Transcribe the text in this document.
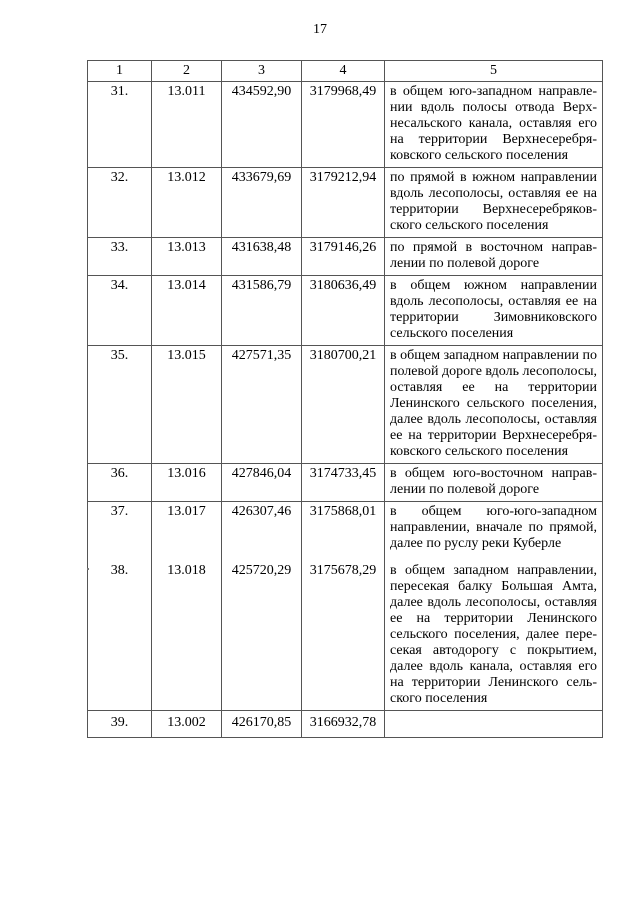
17
1	2	3	4	5
31.	13.011	434592,90	3179968,49	в общем юго-западном направлении вдоль полосы отвода Верхнесальского канала, оставляя его на территории Верхнесеребряковского сельского поселения
32.	13.012	433679,69	3179212,94	по прямой в южном направлении вдоль лесополосы, оставляя ее на территории Верхнесеребряковского сельского поселения
33.	13.013	431638,48	3179146,26	по прямой в восточном направлении по полевой дороге
34.	13.014	431586,79	3180636,49	в общем южном направлении вдоль лесополосы, оставляя ее на территории Зимовниковского сельского поселения
35.	13.015	427571,35	3180700,21	в общем западном направлении по полевой дороге вдоль лесополосы, оставляя ее на территории Ленинского сельского поселения, далее вдоль лесополосы, оставляя ее на территории Верхнесеребряковского сельского поселения
36.	13.016	427846,04	3174733,45	в общем юго-восточном направлении по полевой дороге
37.	13.017	426307,46	3175868,01	в общем юго-юго-западном направлении, вначале по прямой, далее по руслу реки Куберле
38.	13.018	425720,29	3175678,29	в общем западном направлении, пересекая балку Большая Амта, далее вдоль лесополосы, оставляя ее на территории Ленинского сельского поселения, далее пересекая автодорогу с покрытием, далее вдоль канала, оставляя его на территории Ленинского сельского поселения
39.	13.002	426170,85	3166932,78	
